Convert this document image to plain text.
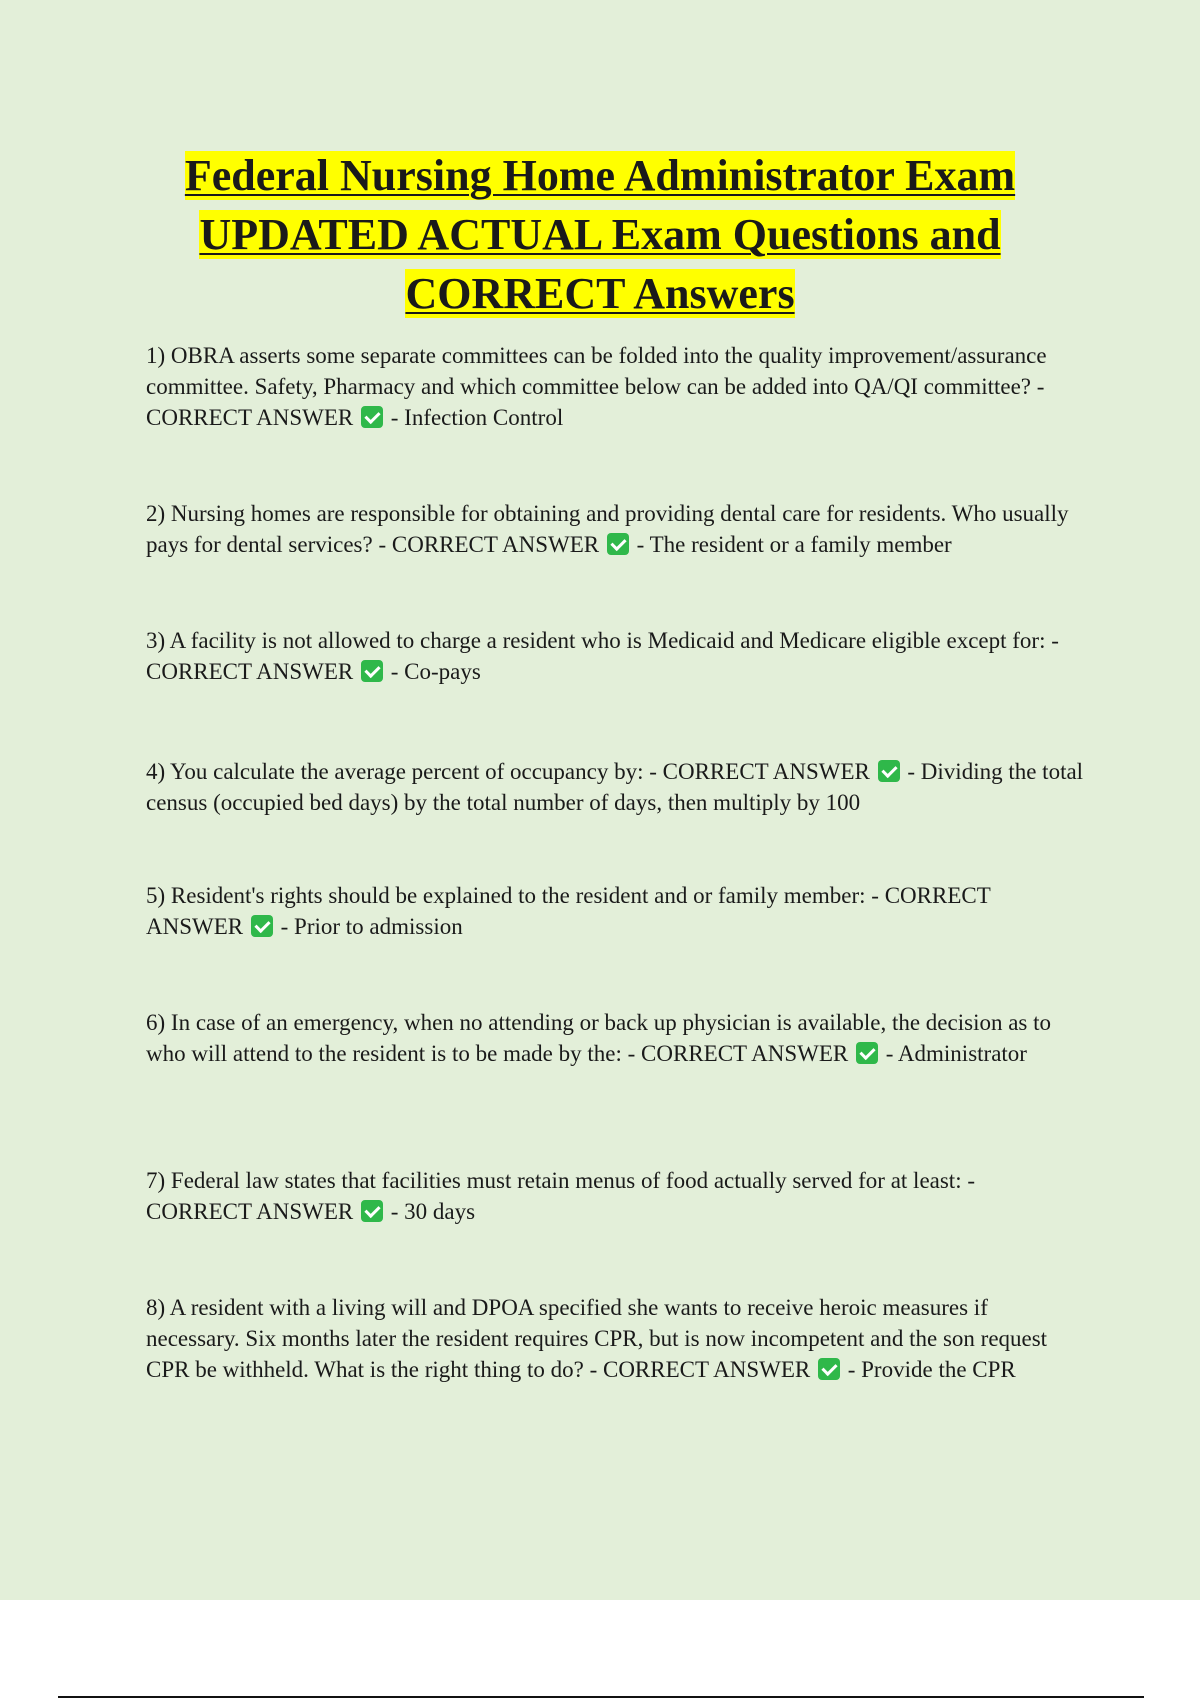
Federal Nursing Home Administrator Exam
UPDATED ACTUAL Exam Questions and
CORRECT Answers
1) OBRA asserts some separate committees can be folded into the quality improvement/assurance committee. Safety, Pharmacy and which committee below can be added into QA/QI committee? - CORRECT ANSWER - Infection Control
2) Nursing homes are responsible for obtaining and providing dental care for residents. Who usually pays for dental services? - CORRECT ANSWER - The resident or a family member
3) A facility is not allowed to charge a resident who is Medicaid and Medicare eligible except for: - CORRECT ANSWER - Co-pays
4) You calculate the average percent of occupancy by: - CORRECT ANSWER - Dividing the total census (occupied bed days) by the total number of days, then multiply by 100
5) Resident's rights should be explained to the resident and or family member: - CORRECT ANSWER - Prior to admission
6) In case of an emergency, when no attending or back up physician is available, the decision as to who will attend to the resident is to be made by the: - CORRECT ANSWER - Administrator
7) Federal law states that facilities must retain menus of food actually served for at least: - CORRECT ANSWER - 30 days
8) A resident with a living will and DPOA specified she wants to receive heroic measures if necessary. Six months later the resident requires CPR, but is now incompetent and the son request CPR be withheld. What is the right thing to do? - CORRECT ANSWER - Provide the CPR
